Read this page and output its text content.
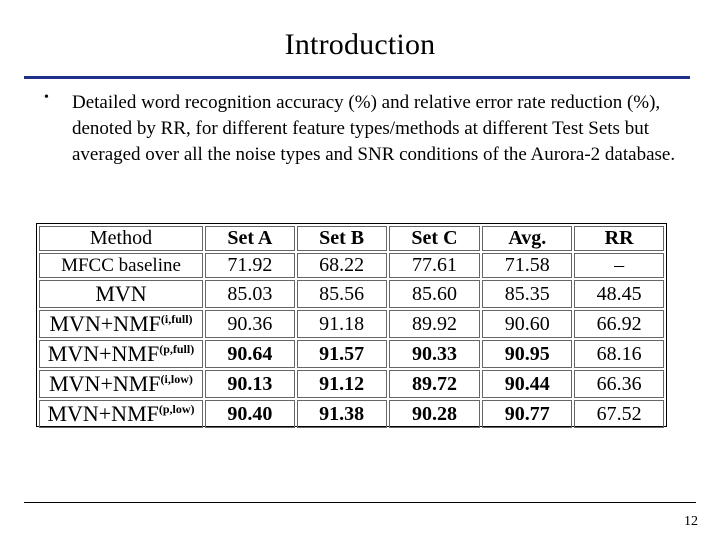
Introduction
• Detailed word recognition accuracy (%) and relative error rate reduction (%), denoted by RR, for different feature types/methods at different Test Sets but averaged over all the noise types and SNR conditions of the Aurora-2 database.
Method	Set A	Set B	Set C	Avg.	RR
MFCC baseline	71.92	68.22	77.61	71.58	–
MVN	85.03	85.56	85.60	85.35	48.45
$MVN+NMF^{(i,full)}$	90.36	91.18	89.92	90.60	66.92
$MVN+NMF^{(p,full)}$	90.64	91.57	90.33	90.95	68.16
$MVN+NMF^{(i,low)}$	90.13	91.12	89.72	90.44	66.36
$MVN+NMF^{(p,low)}$	90.40	91.38	90.28	90.77	67.52
12
